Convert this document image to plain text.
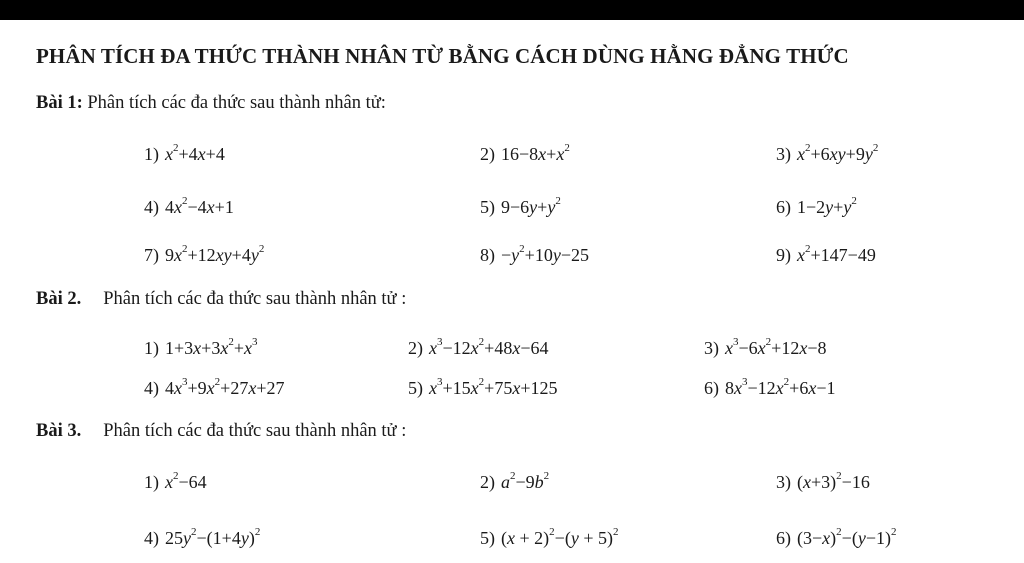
PHÂN TÍCH ĐA THỨC THÀNH NHÂN TỪ BẰNG CÁCH DÙNG HẰNG ĐẲNG THỨC
Bài 1: Phân tích các đa thức sau thành nhân tử:
1) $x^2+4x+4$	2) $16-8x+x^2$	3) $x^2+6xy+9y^2$
4) $4x^2-4x+1$	5) $9-6y+y^2$	6) $1-2y+y^2$
7) $9x^2+12xy+4y^2$	$8) -y^2+10y-25$	9) $x^2+147-49$
Bài 2. Phân tích các đa thức sau thành nhân tử :
1) $1+3x+3x^2+x^3$	2) $x^3-12x^2+48x-64$	3) $x^3-6x^2+12x-8$
4) $4x^3+9x^2+27x+27$	5) $x^3+15x^2+75x+125$	6) $8x^3-12x^2+6x-1$
Bài 3. Phân tích các đa thức sau thành nhân tử :
1) $x^2-64$	2) $a^2-9b^2$	3) $(x+3)^2-16$
4) $25y^2-(1+4y)^2$	5) $(x + 2)^2-(y + 5)^2$	6) $(3-x)^2-(y-1)^2$
